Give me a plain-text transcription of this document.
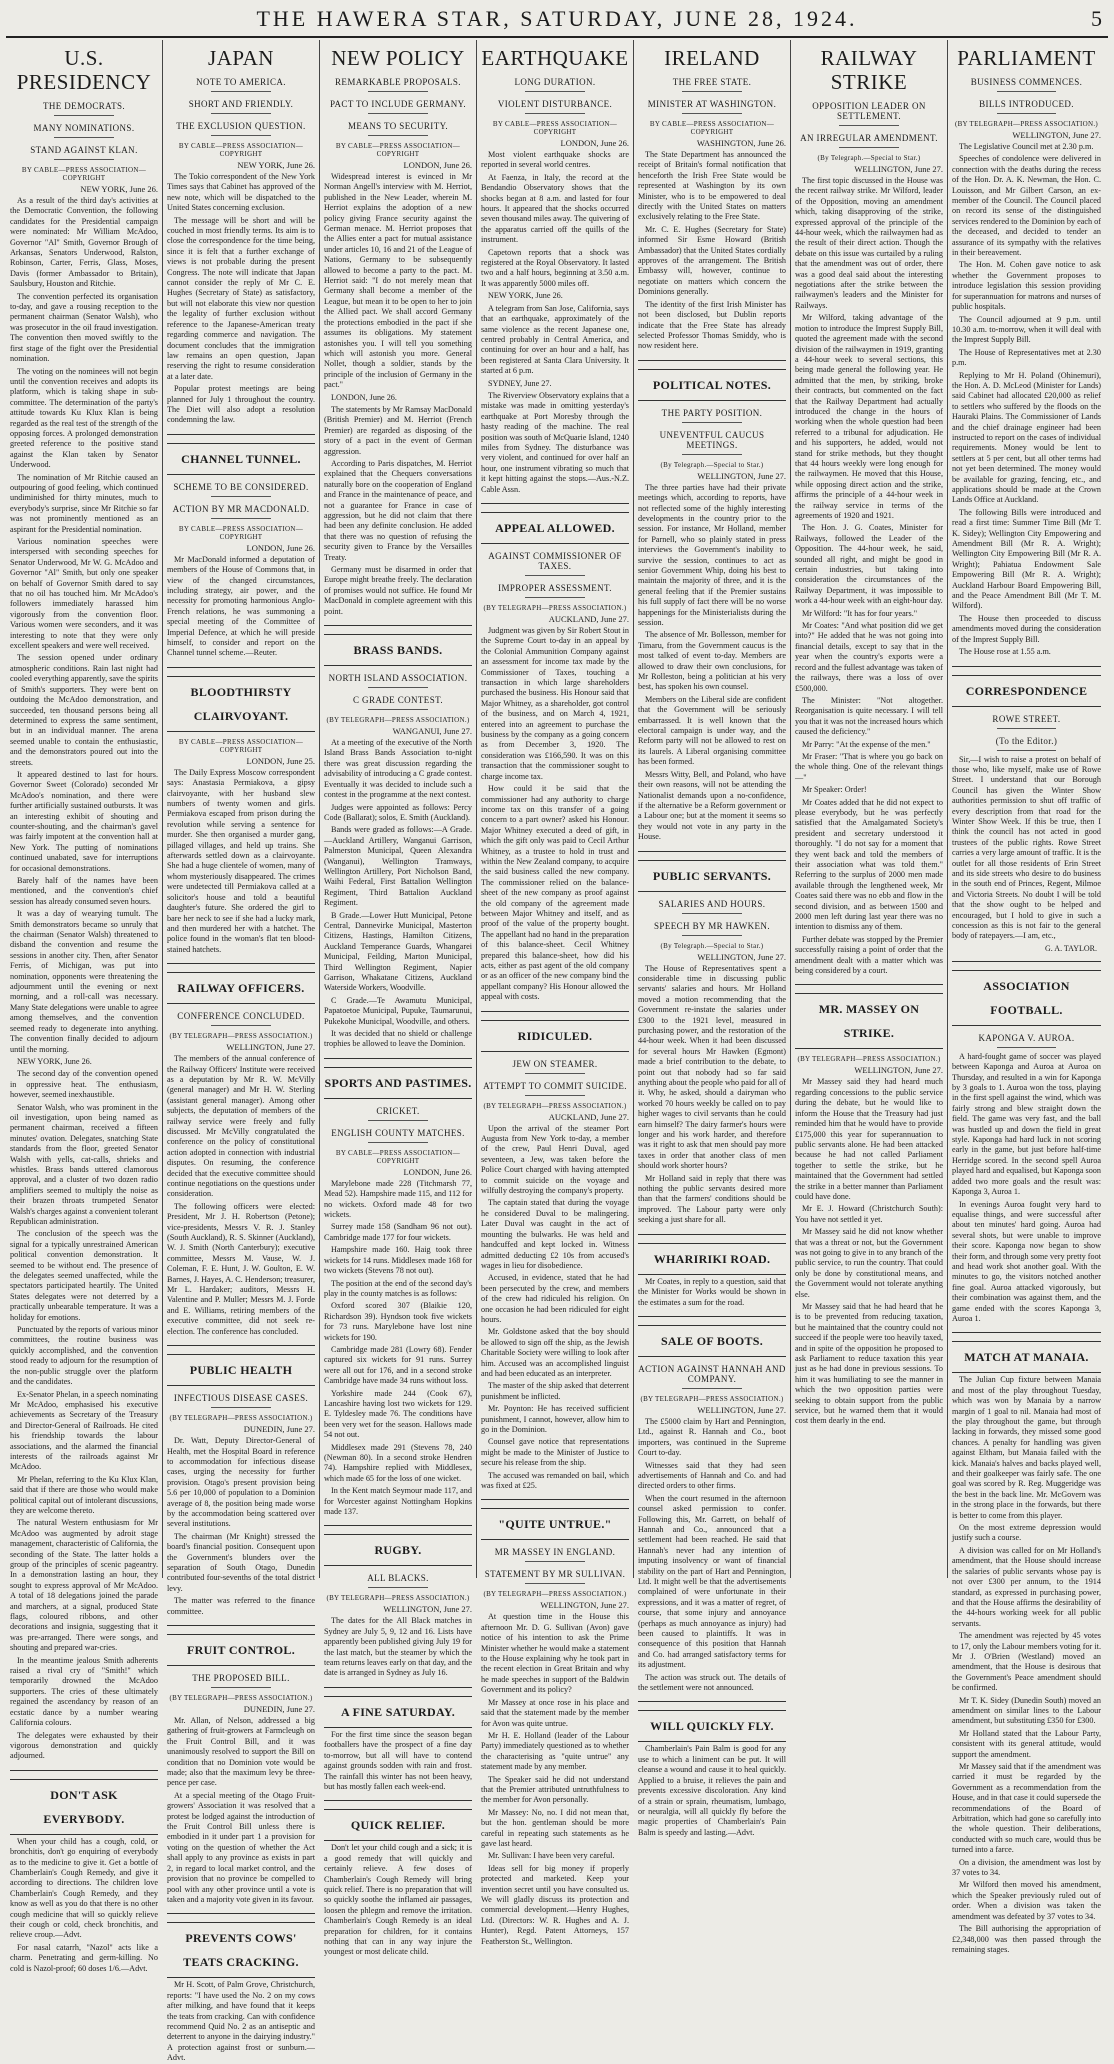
THE HAWERA STAR, SATURDAY, JUNE 28, 1924.	5
U.S. PRESIDENCY
THE DEMOCRATS.
MANY NOMINATIONS.
STAND AGAINST KLAN.
BY CABLE—PRESS ASSOCIATION—COPYRIGHT
NEW YORK, June 26.

As a result of the third day's activities at the Democratic Convention, the following candidates for the Presidential campaign were nominated: Mr William McAdoo, Governor "Al" Smith, Governor Brough of Arkansas, Senators Underwood, Ralston, Robinson, Carter, Ferris, Glass, Moses, Davis (former Ambassador to Britain), Saulsbury, Houston and Ritchie.

The convention perfected its organisation to-day, and gave a rousing reception to the permanent chairman (Senator Walsh), who was prosecutor in the oil fraud investigation. The convention then moved swiftly to the first stage of the fight over the Presidential nomination.

The voting on the nominees will not begin until the convention receives and adopts its platform, which is taking shape in sub-committee. The determination of the party's attitude towards Ku Klux Klan is being regarded as the real test of the strength of the opposing forces. A prolonged demonstration greeted reference to the positive stand against the Klan taken by Senator Underwood.

The nomination of Mr Ritchie caused an outpouring of good feeling, which continued undiminished for thirty minutes, much to everybody's surprise, since Mr Ritchie so far was not prominently mentioned as an aspirant for the Presidential nomination.

Various nomination speeches were interspersed with seconding speeches for Senator Underwood, Mr W. G. McAdoo and Governor "Al" Smith, but only one speaker on behalf of Governor Smith dared to say that no oil has touched him. Mr McAdoo's followers immediately harassed him vigorously from the convention floor. Various women were seconders, and it was interesting to note that they were only excellent speakers and were well received.

The session opened under ordinary atmospheric conditions. Rain last night had cooled everything apparently, save the spirits of Smith's supporters. They were bent on outdoing the McAdoo demonstration, and succeeded, ten thousand persons being all determined to express the same sentiment, but in an individual manner. The arena seemed unable to contain the enthusiastic, and the demonstrators poured out into the streets.

It appeared destined to last for hours. Governor Sweet (Colorado) seconded Mr McAdoo's nomination, and there were further artificially sustained outbursts. It was an interesting exhibit of shouting and counter-shouting, and the chairman's gavel was fairly impotent at the convention hall at New York. The putting of nominations continued unabated, save for interruptions for occasional demonstrations.

Barely half of the names have been mentioned, and the convention's chief session has already consumed seven hours.

It was a day of wearying tumult. The Smith demonstrators became so unruly that the chairman (Senator Walsh) threatened to disband the convention and resume the sessions in another city. Then, after Senator Ferris, of Michigan, was put into nomination, opponents were threatening the adjournment until the evening or next morning, and a roll-call was necessary. Many State delegations were unable to agree among themselves, and the convention seemed ready to degenerate into anything. The convention finally decided to adjourn until the morning.

NEW YORK, June 26.

The second day of the convention opened in oppressive heat. The enthusiasm, however, seemed inexhaustible.

Senator Walsh, who was prominent in the oil investigation, upon being named as permanent chairman, received a fifteen minutes' ovation. Delegates, snatching State standards from the floor, greeted Senator Walsh with yells, cat-calls, shrieks and whistles. Brass bands uttered clamorous approval, and a cluster of two dozen radio amplifiers seemed to multiply the noise as their brazen throats trumpeted Senator Walsh's charges against a convenient tolerant Republican administration.

The conclusion of the speech was the signal for a typically unrestrained American political convention demonstration. It seemed to be without end. The presence of the delegates seemed unaffected, while the spectators participated heartily. The United States delegates were not deterred by a practically unbearable temperature. It was a holiday for emotions.

Punctuated by the reports of various minor committees, the routine business was quickly accomplished, and the convention stood ready to adjourn for the resumption of the non-public struggle over the platform and the candidates.

Ex-Senator Phelan, in a speech nominating Mr McAdoo, emphasised his executive achievements as Secretary of the Treasury and Director-General of Railroads. He cited his friendship towards the labour associations, and the alarmed the financial interests of the railroads against Mr McAdoo.

Mr Phelan, referring to the Ku Klux Klan, said that if there are those who would make political capital out of intolerant discussions, they are welcome thereto.

The natural Western enthusiasm for Mr McAdoo was augmented by adroit stage management, characteristic of California, the seconding of the State. The latter holds a group of the principles of scenic pageantry. In a demonstration lasting an hour, they sought to express approval of Mr McAdoo. A total of 18 delegations joined the parade and marchers, at a signal, produced State flags, coloured ribbons, and other decorations and insignia, suggesting that it was pre-arranged. There were songs, and shouting and prepared war-cries.

In the meantime jealous Smith adherents raised a rival cry of "Smith!" which temporarily drowned the McAdoo supporters. The cries of these ultimately regained the ascendancy by reason of an ecstatic dance by a number wearing California colours.

The delegates were exhausted by their vigorous demonstration and quickly adjourned.

DON'T ASK EVERYBODY.

When your child has a cough, cold, or bronchitis, don't go enquiring of everybody as to the medicine to give it. Get a bottle of Chamberlain's Cough Remedy, and give it according to directions. The children love Chamberlain's Cough Remedy, and they know as well as you do that there is no other cough medicine that will so quickly relieve their cough or cold, check bronchitis, and relieve croup.—Advt.

For nasal catarrh, "Nazol" acts like a charm. Penetrating and germ-killing. No cold is Nazol-proof; 60 doses 1/6.—Advt.

JAPAN
NOTE TO AMERICA.
SHORT AND FRIENDLY.
THE EXCLUSION QUESTION.
BY CABLE—PRESS ASSOCIATION—COPYRIGHT
NEW YORK, June 26.

The Tokio correspondent of the New York Times says that Cabinet has approved of the new note, which will be dispatched to the United States concerning exclusion.

The message will be short and will be couched in most friendly terms. Its aim is to close the correspondence for the time being, since it is felt that a further exchange of views is not probable during the present Congress. The note will indicate that Japan cannot consider the reply of Mr C. E. Hughes (Secretary of State) as satisfactory, but will not elaborate this view nor question the legality of further exclusion without reference to the Japanese-American treaty regarding commerce and navigation. The document concludes that the immigration law remains an open question, Japan reserving the right to resume consideration at a later date.

Popular protest meetings are being planned for July 1 throughout the country. The Diet will also adopt a resolution condemning the law.

CHANNEL TUNNEL.
SCHEME TO BE CONSIDERED.
ACTION BY MR MACDONALD.
BY CABLE—PRESS ASSOCIATION—COPYRIGHT
LONDON, June 26.

Mr MacDonald informed a deputation of members of the House of Commons that, in view of the changed circumstances, including strategy, air power, and the necessity for promoting harmonious Anglo-French relations, he was summoning a special meeting of the Committee of Imperial Defence, at which he will preside himself, to consider and report on the Channel tunnel scheme.—Reuter.

BLOODTHIRSTY CLAIRVOYANT.
BY CABLE—PRESS ASSOCIATION—COPYRIGHT
LONDON, June 25.

The Daily Express Moscow correspondent says: Anastasia Permiakova, a gipsy clairvoyante, with her husband slew numbers of twenty women and girls. Permiakova escaped from prison during the revolution while serving a sentence for murder. She then organised a murder gang, pillaged villages, and held up trains. She afterwards settled down as a clairvoyante. She had a huge clientele of women, many of whom mysteriously disappeared. The crimes were undetected till Permiakova called at a solicitor's house and told a beautiful daughter's future. She ordered the girl to bare her neck to see if she had a lucky mark, and then murdered her with a hatchet. The police found in the woman's flat ten blood-stained hatchets.

RAILWAY OFFICERS.
CONFERENCE CONCLUDED.
(BY TELEGRAPH—PRESS ASSOCIATION.)
WELLINGTON, June 27.

The members of the annual conference of the Railway Officers' Institute were received as a deputation by Mr R. W. McVilly (general manager) and Mr H. W. Sterling (assistant general manager). Among other subjects, the deputation of members of the railway service were freely and fully discussed. Mr McVilly congratulated the conference on the policy of constitutional action adopted in connection with industrial disputes. On resuming, the conference decided that the executive committee should continue negotiations on the questions under consideration.

The following officers were elected: President, Mr J. H. Robertson (Petone); vice-presidents, Messrs V. R. J. Stanley (South Auckland), R. S. Skinner (Auckland), W. J. Smith (North Canterbury); executive committee, Messrs M. Vause, W. J. Coleman, F. E. Hunt, J. W. Goulton, E. W. Barnes, J. Hayes, A. C. Henderson; treasurer, Mr L. Hardaker; auditors, Messrs H. Valentine and P. Muller; Messrs M. J. Forde and E. Williams, retiring members of the executive committee, did not seek re-election. The conference has concluded.

PUBLIC HEALTH
INFECTIOUS DISEASE CASES.
(BY TELEGRAPH—PRESS ASSOCIATION.)
DUNEDIN, June 27.

Dr. Watt, Deputy Director-General of Health, met the Hospital Board in reference to accommodation for infectious disease cases, urging the necessity for further provision. Otago's present provision being 5.6 per 10,000 of population to a Dominion average of 8, the position being made worse by the accommodation being scattered over several institutions.

The chairman (Mr Knight) stressed the board's financial position. Consequent upon the Government's blunders over the separation of South Otago, Dunedin contributed four-sevenths of the total district levy.

The matter was referred to the finance committee.

FRUIT CONTROL.
THE PROPOSED BILL.
(BY TELEGRAPH—PRESS ASSOCIATION.)
DUNEDIN, June 27.

Mr. Allan, of Nelson, addressed a big gathering of fruit-growers at Farmcleugh on the Fruit Control Bill, and it was unanimously resolved to support the Bill on condition that no Dominion vote would be made; also that the maximum levy be three-pence per case.

At a special meeting of the Otago Fruit-growers' Association it was resolved that a protest be lodged against the introduction of the Fruit Control Bill unless there is embodied in it under part 1 a provision for voting on the question of whether the Act shall apply to any province as exists in part 2, in regard to local market control, and the provision that no province be compelled to pool with any other province until a vote is taken and a majority vote given in its favour.

PREVENTS COWS' TEATS CRACKING.

Mr H. Scott, of Palm Grove, Christchurch, reports: "I have used the No. 2 on my cows after milking, and have found that it keeps the teats from cracking. Can with confidence recommend Quid No. 2 as an antiseptic and deterrent to anyone in the dairying industry." A protection against frost or sunburn.—Advt.

NEW POLICY
REMARKABLE PROPOSALS.
PACT TO INCLUDE GERMANY.
MEANS TO SECURITY.
BY CABLE—PRESS ASSOCIATION—COPYRIGHT
LONDON, June 26.

Widespread interest is evinced in Mr Norman Angell's interview with M. Herriot, published in the New Leader, wherein M. Herriot explains the adoption of a new policy giving France security against the German menace. M. Herriot proposes that the Allies enter a pact for mutual assistance under articles 10, 16 and 21 of the League of Nations, Germany to be subsequently allowed to become a party to the pact. M. Herriot said: "I do not merely mean that Germany shall become a member of the League, but mean it to be open to her to join the Allied pact. We shall accord Germany the protections embodied in the pact if she assumes its obligations. My statement astonishes you. I will tell you something which will astonish you more. General Nollet, though a soldier, stands by the principle of the inclusion of Germany in the pact."

LONDON, June 26.

The statements by Mr Ramsay MacDonald (British Premier) and M. Herriot (French Premier) are regarded as disposing of the story of a pact in the event of German aggression.

According to Paris dispatches, M. Herriot explained that the Chequers conversations naturally bore on the cooperation of England and France in the maintenance of peace, and not a guarantee for France in case of aggression, but he did not claim that there had been any definite conclusion. He added that there was no question of refusing the security given to France by the Versailles Treaty.

Germany must be disarmed in order that Europe might breathe freely. The declaration of promises would not suffice. He found Mr MacDonald in complete agreement with this point.

BRASS BANDS.
NORTH ISLAND ASSOCIATION.
C GRADE CONTEST.
(BY TELEGRAPH—PRESS ASSOCIATION.)
WANGANUI, June 27.

At a meeting of the executive of the North Island Brass Bands Association to-night there was great discussion regarding the advisability of introducing a C grade contest. Eventually it was decided to include such a contest in the programme at the next contest.

Judges were appointed as follows: Percy Code (Ballarat); solos, E. Smith (Auckland).

Bands were graded as follows:—A Grade.—Auckland Artillery, Wanganui Garrison, Palmerston Municipal, Queen Alexandra (Wanganui), Wellington Tramways, Wellington Artillery, Port Nicholson Band, Waihi Federal, First Battalion Wellington Regiment, Third Battalion Auckland Regiment.

B Grade.—Lower Hutt Municipal, Petone Central, Dannevirke Municipal, Masterton Citizens, Hastings, Hamilton Citizens, Auckland Temperance Guards, Whangarei Municipal, Feilding, Marton Municipal, Third Wellington Regiment, Napier Garrison, Whakatane Citizens, Auckland Waterside Workers, Woodville.

C Grade.—Te Awamutu Municipal, Papatoetoe Municipal, Pupuke, Taumarunui, Pukekohe Municipal, Woodville, and others.

It was decided that no shield or challenge trophies be allowed to leave the Dominion.

SPORTS AND PASTIMES.
CRICKET.
ENGLISH COUNTY MATCHES.
BY CABLE—PRESS ASSOCIATION—COPYRIGHT
LONDON, June 26.

Marylebone made 228 (Titchmarsh 77, Mead 52). Hampshire made 115, and 112 for no wickets. Oxford made 48 for two wickets.

Surrey made 158 (Sandham 96 not out). Cambridge made 177 for four wickets.

Hampshire made 160. Haig took three wickets for 14 runs. Middlesex made 168 for two wickets (Stevens 78 not out).

The position at the end of the second day's play in the county matches is as follows:

Oxford scored 307 (Blaikie 120, Richardson 39). Hyndson took five wickets for 73 runs. Marylebone have lost nine wickets for 190.

Cambridge made 281 (Lowry 68). Fender captured six wickets for 91 runs. Surrey were all out for 176, and in a second stroke Cambridge have made 34 runs without loss.

Yorkshire made 244 (Cook 67), Lancashire having lost two wickets for 129. E. Tyldesley made 76. The conditions have been very wet for the season. Hallows made 54 not out.

Middlesex made 291 (Stevens 78, 240 (Newman 80). In a second stroke Hendren 74). Hampshire replied with Middlesex, which made 65 for the loss of one wicket.

In the Kent match Seymour made 117, and for Worcester against Nottingham Hopkins made 137.

RUGBY.
ALL BLACKS.
(BY TELEGRAPH—PRESS ASSOCIATION.)
WELLINGTON, June 27.

The dates for the All Black matches in Sydney are July 5, 9, 12 and 16. Lists have apparently been published giving July 19 for the last match, but the steamer by which the team returns leaves early on that day, and the date is arranged in Sydney as July 16.

A FINE SATURDAY.

For the first time since the season began footballers have the prospect of a fine day to-morrow, but all will have to contend against grounds sodden with rain and frost. The rainfall this winter has not been heavy, but has mostly fallen each week-end.

QUICK RELIEF.

Don't let your child cough and a sick; it is a good remedy that will quickly and certainly relieve. A few doses of Chamberlain's Cough Remedy will bring quick relief. There is no preparation that will so quickly soothe the inflamed air passages, loosen the phlegm and remove the irritation. Chamberlain's Cough Remedy is an ideal preparation for children, for it contains nothing that can in any way injure the youngest or most delicate child.

EARTHQUAKE
LONG DURATION.
VIOLENT DISTURBANCE.
BY CABLE—PRESS ASSOCIATION—COPYRIGHT
LONDON, June 26.

Most violent earthquake shocks are reported in several world centres.

At Faenza, in Italy, the record at the Bendandio Observatory shows that the shocks began at 8 a.m. and lasted for four hours. It appeared that the shocks occurred seven thousand miles away. The quivering of the apparatus carried off the quills of the instrument.

Capetown reports that a shock was registered at the Royal Observatory. It lasted two and a half hours, beginning at 3.50 a.m. It was apparently 5000 miles off.

NEW YORK, June 26.

A telegram from San Jose, California, says that an earthquake, approximately of the same violence as the recent Japanese one, centred probably in Central America, and continuing for over an hour and a half, has been registered at Santa Clara University. It started at 6 p.m.

SYDNEY, June 27.

The Riverview Observatory explains that a mistake was made in omitting yesterday's earthquake at Port Moresby through the hasty reading of the machine. The real position was south of McQuarie Island, 1240 miles from Sydney. The disturbance was very violent, and continued for over half an hour, one instrument vibrating so much that it kept hitting against the stops.—Aus.-N.Z. Cable Assn.

APPEAL ALLOWED.
AGAINST COMMISSIONER OF TAXES.
IMPROPER ASSESSMENT.
(BY TELEGRAPH—PRESS ASSOCIATION.)
AUCKLAND, June 27.

Judgment was given by Sir Robert Stout in the Supreme Court to-day in an appeal by the Colonial Ammunition Company against an assessment for income tax made by the Commissioner of Taxes, touching a transaction in which large shareholders purchased the business. His Honour said that Major Whitney, as a shareholder, got control of the business, and on March 4, 1921, entered into an agreement to purchase the business by the company as a going concern as from December 3, 1920. The consideration was £166,590. It was on this transaction that the commissioner sought to charge income tax.

How could it be said that the commissioner had any authority to charge income tax on this transfer of a going concern to a part owner? asked his Honour. Major Whitney executed a deed of gift, in which the gift only was paid to Cecil Arthur Whitney, as a trustee to hold in trust and within the New Zealand company, to acquire the said business called the new company. The commissioner relied on the balance-sheet of the new company as proof against the old company of the agreement made between Major Whitney and itself, and as proof of the value of the property bought. The appellant had no hand in the preparation of this balance-sheet. Cecil Whitney prepared this balance-sheet, how did his acts, either as past agent of the old company or as an officer of the new company bind the appellant company? His Honour allowed the appeal with costs.

RIDICULED.
JEW ON STEAMER.
ATTEMPT TO COMMIT SUICIDE.
(BY TELEGRAPH—PRESS ASSOCIATION.)
AUCKLAND, June 27.

Upon the arrival of the steamer Port Augusta from New York to-day, a member of the crew, Paul Henri Duval, aged seventeen, a Jew, was taken before the Police Court charged with having attempted to commit suicide on the voyage and wilfully destroying the company's property.

The captain stated that during the voyage he considered Duval to be malingering. Later Duval was caught in the act of mounting the bulwarks. He was held and handcuffed and kept locked in. Witness admitted deducting £2 10s from accused's wages in lieu for disobedience.

Accused, in evidence, stated that he had been persecuted by the crew, and members of the crew had ridiculed his religion. On one occasion he had been ridiculed for eight hours.

Mr. Goldstone asked that the boy should be allowed to sign off the ship, as the Jewish Charitable Society were willing to look after him. Accused was an accomplished linguist and had been educated as an interpreter.

The master of the ship asked that deterrent punishment be inflicted.

Mr. Poynton: He has received sufficient punishment, I cannot, however, allow him to go in the Dominion.

Counsel gave notice that representations might be made to the Minister of Justice to secure his release from the ship.

The accused was remanded on bail, which was fixed at £25.

"QUITE UNTRUE."
MR MASSEY IN ENGLAND.
STATEMENT BY MR SULLIVAN.
(BY TELEGRAPH—PRESS ASSOCIATION.)
WELLINGTON, June 27.

At question time in the House this afternoon Mr. D. G. Sullivan (Avon) gave notice of his intention to ask the Prime Minister whether he would make a statement to the House explaining why he took part in the recent election in Great Britain and why he made speeches in support of the Baldwin Government and its policy?

Mr Massey at once rose in his place and said that the statement made by the member for Avon was quite untrue.

Mr H. E. Holland (leader of the Labour Party) immediately questioned as to whether the characterising as "quite untrue" any statement made by any member.

The Speaker said he did not understand that the Premier attributed untruthfulness to the member for Avon personally.

Mr Massey: No, no. I did not mean that, but the hon. gentleman should be more careful in repeating such statements as he gave last heard.

Mr. Sullivan: I have been very careful.

Ideas sell for big money if properly protected and marketed. Keep your invention secret until you have consulted us. We will gladly discuss its protection and commercial development.—Henry Hughes, Ltd. (Directors: W. R. Hughes and A. J. Hunter), Regd. Patent Attorneys, 157 Featherston St., Wellington.

IRELAND
THE FREE STATE.
MINISTER AT WASHINGTON.
BY CABLE—PRESS ASSOCIATION—COPYRIGHT
WASHINGTON, June 26.

The State Department has announced the receipt of Britain's formal notification that henceforth the Irish Free State would be represented at Washington by its own Minister, who is to be empowered to deal directly with the United States on matters exclusively relating to the Free State.

Mr. C. E. Hughes (Secretary for State) informed Sir Esme Howard (British Ambassador) that the United States cordially approves of the arrangement. The British Embassy will, however, continue to negotiate on matters which concern the Dominions generally.

The identity of the first Irish Minister has not been disclosed, but Dublin reports indicate that the Free State has already selected Professor Thomas Smiddy, who is now resident here.

POLITICAL NOTES.
THE PARTY POSITION.
UNEVENTFUL CAUCUS MEETINGS.
(By Telegraph.—Special to Star.)
WELLINGTON, June 27.

The three parties have had their private meetings which, according to reports, have not reflected some of the highly interesting developments in the country prior to the session. For instance, Mr Holland, member for Parnell, who so plainly stated in press interviews the Government's inability to survive the session, continues to act as senior Government Whip, doing his best to maintain the majority of three, and it is the general feeling that if the Premier sustains his full supply of fact there will be no worse happenings for the Ministerialists during the session.

The absence of Mr. Bollesson, member for Timaru, from the Government caucus is the most talked of event to-day. Members are allowed to draw their own conclusions, for Mr Rolleston, being a politician at his very best, has spoken his own counsel.

Members on the Liberal side are confident that the Government will be seriously embarrassed. It is well known that the electoral campaign is under way, and the Reform party will not be allowed to rest on its laurels. A Liberal organising committee has been formed.

Messrs Witty, Bell, and Poland, who have their own reasons, will not be attending the Nationalist demands upon a no-confidence, if the alternative be a Reform government or a Labour one; but at the moment it seems so they would not vote in any party in the House.

PUBLIC SERVANTS.
SALARIES AND HOURS.
SPEECH BY MR HAWKEN.
(By Telegraph.—Special to Star.)
WELLINGTON, June 27.

The House of Representatives spent a considerable time in discussing public servants' salaries and hours. Mr Holland moved a motion recommending that the Government re-instate the salaries under £300 to the 1921 level, measured in purchasing power, and the restoration of the 44-hour week. When it had been discussed for several hours Mr Hawken (Egmont) made a brief contribution to the debate, to point out that nobody had so far said anything about the people who paid for all of it. Why, he asked, should a dairyman who worked 70 hours weekly be called on to pay higher wages to civil servants than he could earn himself? The dairy farmer's hours were longer and his work harder, and therefore was it right to ask that men should pay more taxes in order that another class of men should work shorter hours?

Mr Holland said in reply that there was nothing the public servants desired more than that the farmers' conditions should be improved. The Labour party were only seeking a just share for all.

WHARIRIKI ROAD.

Mr Coates, in reply to a question, said that the Minister for Works would be shown in the estimates a sum for the road.

SALE OF BOOTS.
ACTION AGAINST HANNAH AND COMPANY.
(BY TELEGRAPH—PRESS ASSOCIATION.)
WELLINGTON, June 27.

The £5000 claim by Hart and Pennington, Ltd., against R. Hannah and Co., boot importers, was continued in the Supreme Court to-day.

Witnesses said that they had seen advertisements of Hannah and Co. and had directed orders to other firms.

When the court resumed in the afternoon counsel asked permission to confer. Following this, Mr. Garrett, on behalf of Hannah and Co., announced that a settlement had been reached. He said that Hannah's never had any intention of imputing insolvency or want of financial stability on the part of Hart and Pennington, Ltd. It might well be that the advertisements complained of were unfortunate in their expressions, and it was a matter of regret, of course, that some injury and annoyance (perhaps as much annoyance as injury) had been caused to plaintiffs. It was in consequence of this position that Hannah and Co. had arranged satisfactory terms for its adjustment.

The action was struck out. The details of the settlement were not announced.

WILL QUICKLY FLY.

Chamberlain's Pain Balm is good for any use to which a liniment can be put. It will cleanse a wound and cause it to heal quickly. Applied to a bruise, it relieves the pain and prevents excessive discoloration. Any kind of a strain or sprain, rheumatism, lumbago, or neuralgia, will all quickly fly before the magic properties of Chamberlain's Pain Balm is speedy and lasting.—Advt.

RAILWAY STRIKE
OPPOSITION LEADER ON SETTLEMENT.
AN IRREGULAR AMENDMENT.
(By Telegraph.—Special to Star.)
WELLINGTON, June 27.

The first topic discussed in the House was the recent railway strike. Mr Wilford, leader of the Opposition, moving an amendment which, taking disapproving of the strike, expressed approval of the principle of the 44-hour week, which the railwaymen had as the result of their direct action. Though the debate on this issue was curtailed by a ruling that the amendment was out of order, there was a good deal said about the interesting negotiations after the strike between the railwaymen's leaders and the Minister for Railways.

Mr Wilford, taking advantage of the motion to introduce the Imprest Supply Bill, quoted the agreement made with the second division of the railwaymen in 1919, granting a 44-hour week to several sections, this being made general the following year. He admitted that the men, by striking, broke their contracts, but commented on the fact that the Railway Department had actually introduced the change in the hours of working when the whole question had been referred to a tribunal for adjudication. He and his supporters, he added, would not stand for strike methods, but they thought that 44 hours weekly were long enough for the railwaymen. He moved that this House, while opposing direct action and the strike, affirms the principle of a 44-hour week in the railway service in terms of the agreements of 1920 and 1921.

The Hon. J. G. Coates, Minister for Railways, followed the Leader of the Opposition. The 44-hour week, he said, sounded all right, and might be good in certain industries, but taking into consideration the circumstances of the Railway Department, it was impossible to work a 44-hour week with an eight-hour day.

Mr Wilford: "It has for four years."

Mr Coates: "And what position did we get into?" He added that he was not going into financial details, except to say that in the year when the country's exports were a record and the fullest advantage was taken of the railways, there was a loss of over £500,000.

The Minister: "Not altogether. Reorganisation is quite necessary. I will tell you that it was not the increased hours which caused the deficiency."

Mr Parry: "At the expense of the men."

Mr Fraser: "That is where you go back on the whole thing. One of the relevant things—"

Mr Speaker: Order!

Mr Coates added that he did not expect to please everybody, but he was perfectly satisfied that the Amalgamated Society's president and secretary understood it thoroughly. "I do not say for a moment that they went back and told the members of their association what was told them." Referring to the surplus of 2000 men made available through the lengthened week, Mr Coates said there was no ebb and flow in the second division, and as between 1500 and 2000 men left during last year there was no intention to dismiss any of them.

Further debate was stopped by the Premier successfully raising a point of order that the amendment dealt with a matter which was being considered by a court.

MR. MASSEY ON STRIKE.
(BY TELEGRAPH—PRESS ASSOCIATION.)
WELLINGTON, June 27.

Mr Massey said they had heard much regarding concessions to the public service during the debate, but he would like to inform the House that the Treasury had just reminded him that he would have to provide £175,000 this year for superannuation to public servants alone. He had been attacked because he had not called Parliament together to settle the strike, but he maintained that the Government had settled the strike in a better manner than Parliament could have done.

Mr E. J. Howard (Christchurch South): You have not settled it yet.

Mr Massey said he did not know whether that was a threat or not, but the Government was not going to give in to any branch of the public service, to run the country. That could only be done by constitutional means, and the Government would not tolerate anything else.

Mr Massey said that he had heard that he is to be prevented from reducing taxation, but he maintained that the country could not succeed if the people were too heavily taxed, and in spite of the opposition he proposed to ask Parliament to reduce taxation this year just as he had done in previous sessions. To him it was humiliating to see the manner in which the two opposition parties were seeking to obtain support from the public service, but he warned them that it would cost them dearly in the end.

PARLIAMENT
BUSINESS COMMENCES.
BILLS INTRODUCED.
(BY TELEGRAPH—PRESS ASSOCIATION.)
WELLINGTON, June 27.

The Legislative Council met at 2.30 p.m.

Speeches of condolence were delivered in connection with the deaths during the recess of the Hon. Dr. A. K. Newman, the Hon. C. Louisson, and Mr Gilbert Carson, an ex-member of the Council. The Council placed on record its sense of the distinguished services rendered to the Dominion by each of the deceased, and decided to tender an assurance of its sympathy with the relatives in their bereavement.

The Hon. M. Cohen gave notice to ask whether the Government proposes to introduce legislation this session providing for superannuation for matrons and nurses of public hospitals.

The Council adjourned at 9 p.m. until 10.30 a.m. to-morrow, when it will deal with the Imprest Supply Bill.

The House of Representatives met at 2.30 p.m.

Replying to Mr H. Poland (Ohinemuri), the Hon. A. D. McLeod (Minister for Lands) said Cabinet had allocated £20,000 as relief to settlers who suffered by the floods on the Hauraki Plains. The Commissioner of Lands and the chief drainage engineer had been instructed to report on the cases of individual requirements. Money would be lent to settlers at 5 per cent, but all other terms had not yet been determined. The money would be available for grazing, fencing, etc., and applications should be made at the Crown Lands Office at Auckland.

The following Bills were introduced and read a first time: Summer Time Bill (Mr T. K. Sidey); Wellington City Empowering and Amendment Bill (Mr R. A. Wright); Wellington City Empowering Bill (Mr R. A. Wright); Pahiatua Endowment Sale Empowering Bill (Mr R. A. Wright); Auckland Harbour Board Empowering Bill, and the Peace Amendment Bill (Mr T. M. Wilford).

The House then proceeded to discuss amendments moved during the consideration of the Imprest Supply Bill.

The House rose at 1.55 a.m.

CORRESPONDENCE
ROWE STREET.
(To the Editor.)

Sir,—I wish to raise a protest on behalf of those who, like myself, make use of Rowe Street. I understand that our Borough Council has given the Winter Show authorities permission to shut off traffic of every description from that road for the Winter Show Week. If this be true, then I think the council has not acted in good trustees of the public rights. Rowe Street carries a very large amount of traffic. It is the outlet for all those residents of Erin Street and its side streets who desire to do business in the south end of Princes, Regent, Milmoe and Victoria Streets. No doubt I will be told that the show ought to be helped and encouraged, but I hold to give in such a concession as this is not fair to the general body of ratepayers.—I am, etc.,

G. A. TAYLOR.
ASSOCIATION FOOTBALL.
KAPONGA V. AUROA.

A hard-fought game of soccer was played between Kaponga and Auroa at Auroa on Thursday, and resulted in a win for Kaponga by 3 goals to 1. Auroa won the toss, playing in the first spell against the wind, which was fairly strong and blew straight down the field. The game was very fast, and the ball was hustled up and down the field in great style. Kaponga had hard luck in not scoring early in the game, but just before half-time Herridge scored. In the second spell Auroa played hard and equalised, but Kaponga soon added two more goals and the result was: Kaponga 3, Auroa 1.

In evenings Auroa fought very hard to equalise things, and were successful after about ten minutes' hard going. Auroa had several shots, but were unable to improve their score. Kaponga now began to show their form, and through some very pretty foot and head work shot another goal. With the minutes to go, the visitors notched another fine goal. Auroa attacked vigorously, but their combination was against them, and the game ended with the scores Kaponga 3, Auroa 1.

MATCH AT MANAIA.

The Julian Cup fixture between Manaia and most of the play throughout Tuesday, which was won by Manaia by a narrow margin of 1 goal to nil. Manaia had most of the play throughout the game, but through lacking in forwards, they missed some good chances. A penalty for handling was given against Eltham, but Manaia failed with the kick. Manaia's halves and backs played well, and their goalkeeper was fairly safe. The one goal was scored by R. Reg. Muggeridge was the best in the back line. Mr. McGovern was in the strong place in the forwards, but there is better to come from this player.

On the most extreme depression would justify such a course.

A division was called for on Mr Holland's amendment, that the House should increase the salaries of public servants whose pay is not over £300 per annum, to the 1914 standard, as expressed in purchasing power, and that the House affirms the desirability of the 44-hours working week for all public servants.

The amendment was rejected by 45 votes to 17, only the Labour members voting for it. Mr J. O'Brien (Westland) moved an amendment, that the House is desirous that the Government's Peace amendment should be confirmed.

Mr T. K. Sidey (Dunedin South) moved an amendment on similar lines to the Labour amendment, but substituting £350 for £300.

Mr Holland stated that the Labour Party, consistent with its general attitude, would support the amendment.

Mr Massey said that if the amendment was carried it must be regarded by the Government as a recommendation from the House, and in that case it could supersede the recommendations of the Board of Arbitration, which had gone so carefully into the whole question. Their deliberations, conducted with so much care, would thus be turned into a farce.

On a division, the amendment was lost by 37 votes to 34.

Mr Wilford then moved his amendment, which the Speaker previously ruled out of order. When a division was taken the amendment was defeated by 37 votes to 34.

The Bill authorising the appropriation of £2,348,000 was then passed through the remaining stages.
